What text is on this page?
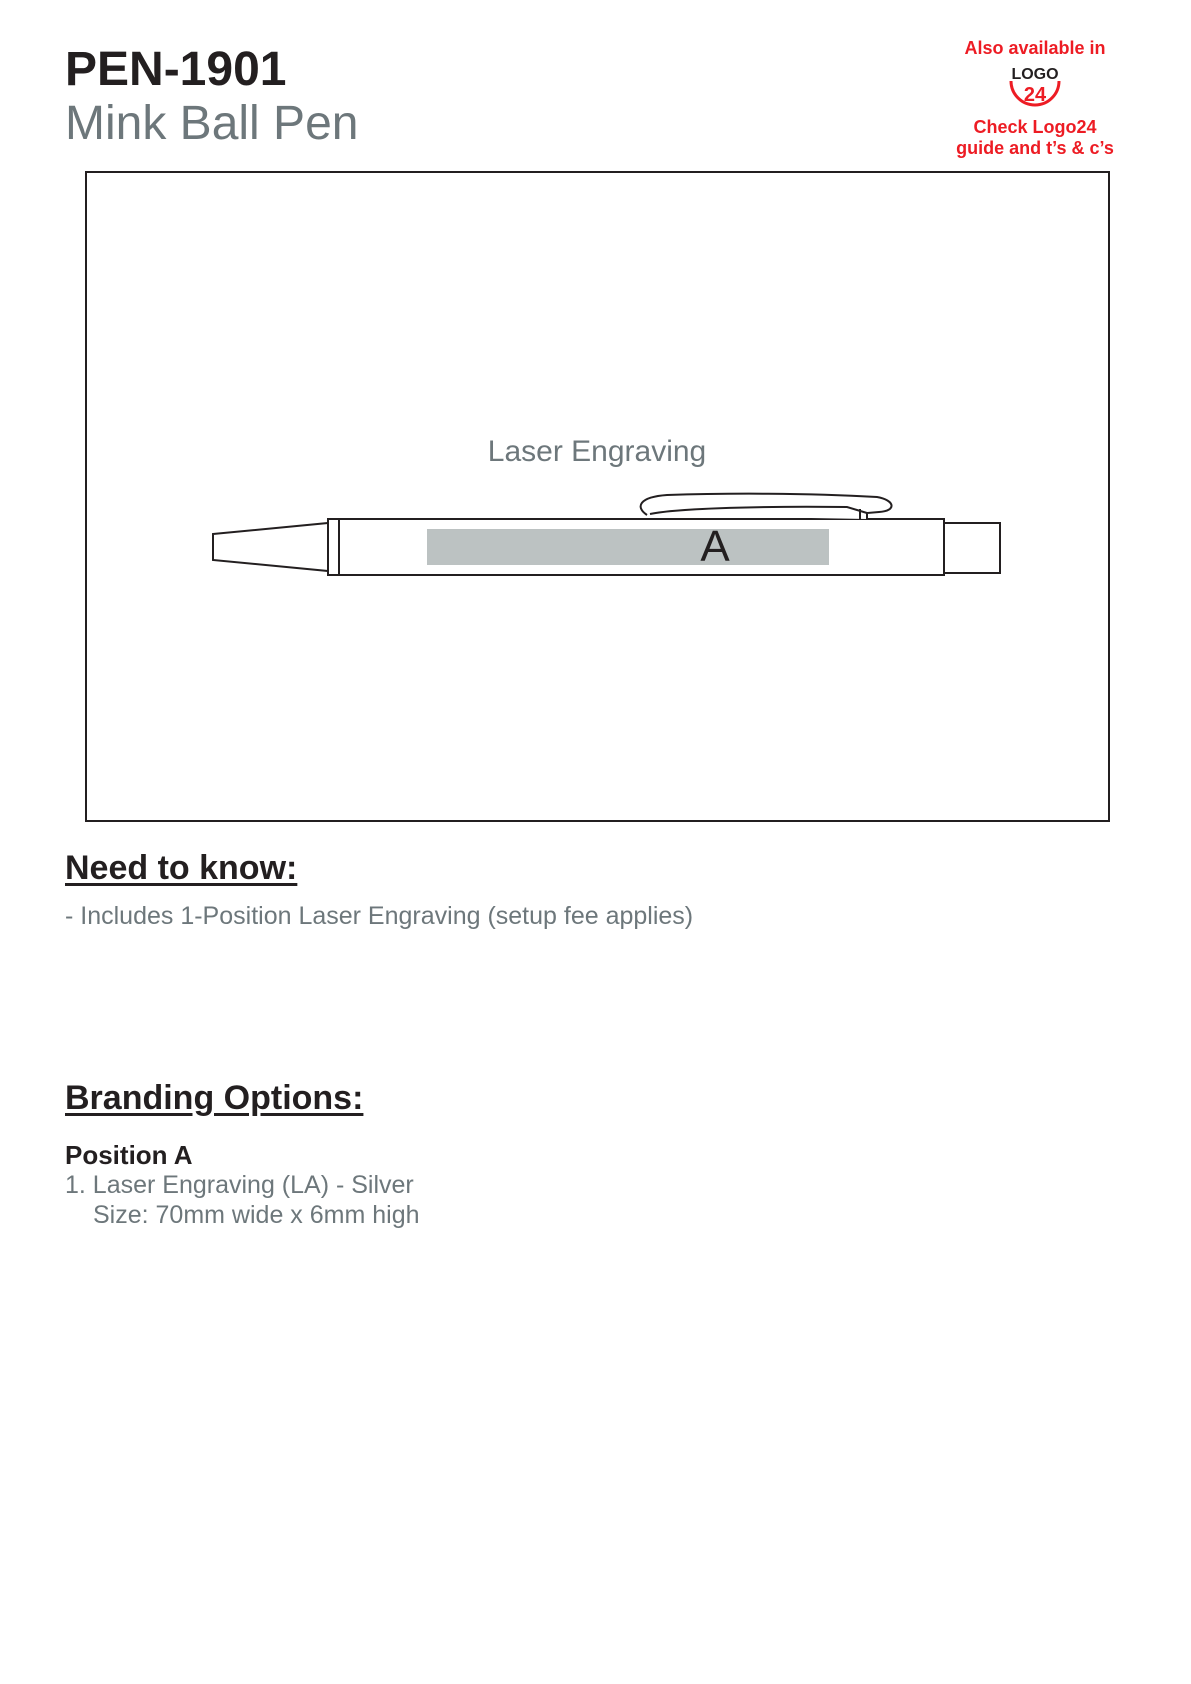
PEN-1901
Mink Ball Pen
Also available in
LOGO
24
Check Logo24
guide and t’s & c’s
Laser Engraving
A
Need to know:

- Includes 1-Position Laser Engraving (setup fee applies)

Branding Options:

Position A

1. Laser Engraving (LA) - Silver

Size: 70mm wide x 6mm high
